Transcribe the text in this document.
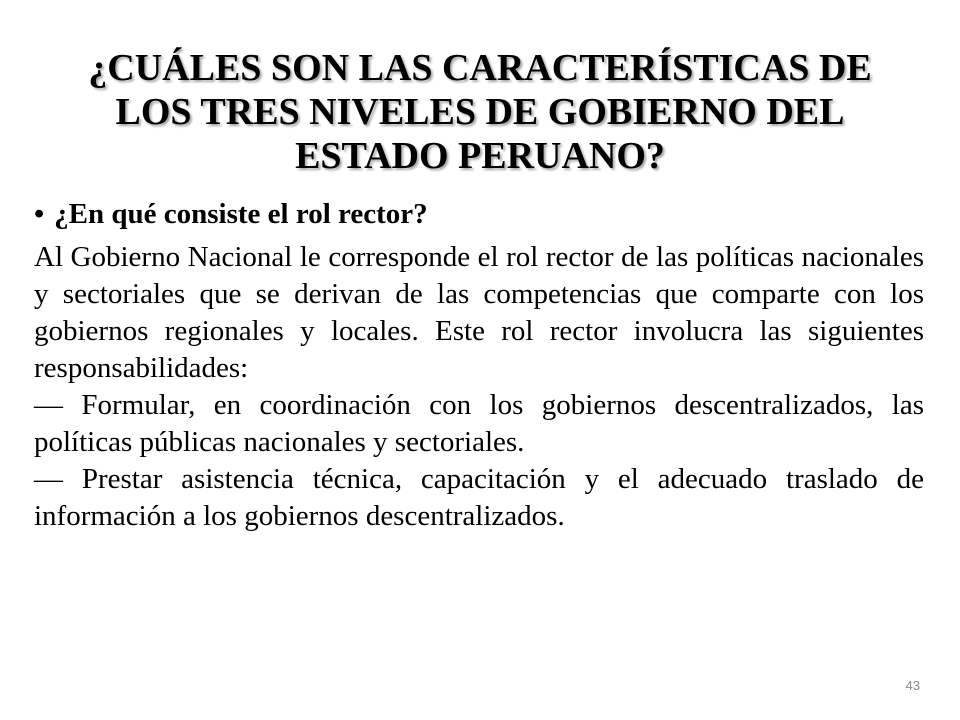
¿CUÁLES SON LAS CARACTERÍSTICAS DE
LOS TRES NIVELES DE GOBIERNO DEL
ESTADO PERUANO?

• ¿En qué consiste el rol rector?

Al Gobierno Nacional le corresponde el rol rector de las políticas nacionales y sectoriales que se derivan de las competencias que comparte con los gobiernos regionales y locales. Este rol rector involucra las siguientes responsabilidades:

— Formular, en coordinación con los gobiernos descentralizados, las políticas públicas nacionales y sectoriales.

— Prestar asistencia técnica, capacitación y el adecuado traslado de información a los gobiernos descentralizados.

43
